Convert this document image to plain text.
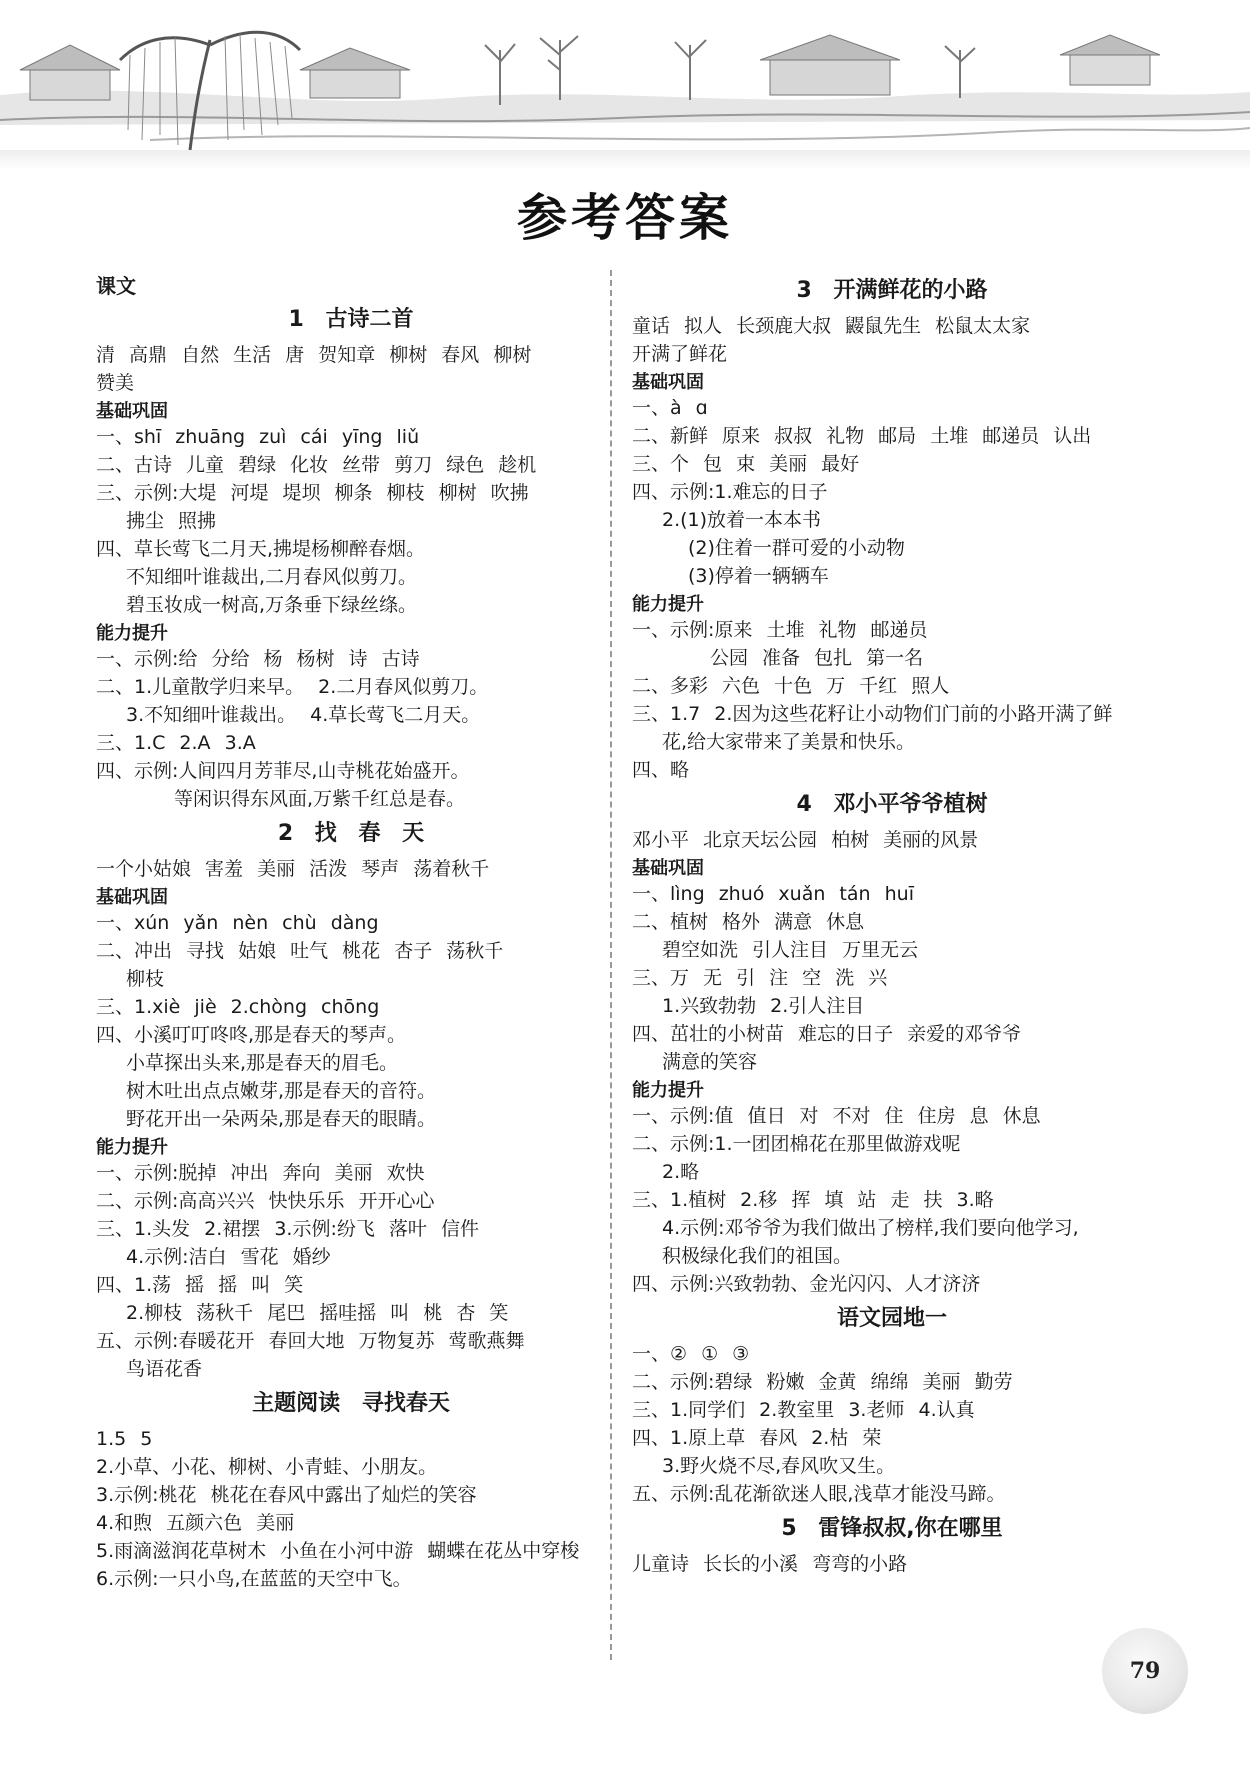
参考答案
课文
1 古诗二首
清 高鼎 自然 生活 唐 贺知章 柳树 春风 柳树
赞美
基础巩固
一、shī zhuāng zuì cái yīng liǔ
二、古诗 儿童 碧绿 化妆 丝带 剪刀 绿色 趁机
三、示例:大堤 河堤 堤坝 柳条 柳枝 柳树 吹拂
拂尘 照拂
四、草长莺飞二月天,拂堤杨柳醉春烟。
不知细叶谁裁出,二月春风似剪刀。
碧玉妆成一树高,万条垂下绿丝绦。
能力提升
一、示例:给 分给 杨 杨树 诗 古诗
二、1.儿童散学归来早。 2.二月春风似剪刀。
3.不知细叶谁裁出。 4.草长莺飞二月天。
三、1.C 2.A 3.A
四、示例:人间四月芳菲尽,山寺桃花始盛开。
等闲识得东风面,万紫千红总是春。
2 找 春 天
一个小姑娘 害羞 美丽 活泼 琴声 荡着秋千
基础巩固
一、xún yǎn nèn chù dàng
二、冲出 寻找 姑娘 吐气 桃花 杏子 荡秋千
柳枝
三、1.xiè jiè 2.chòng chōng
四、小溪叮叮咚咚,那是春天的琴声。
小草探出头来,那是春天的眉毛。
树木吐出点点嫩芽,那是春天的音符。
野花开出一朵两朵,那是春天的眼睛。
能力提升
一、示例:脱掉 冲出 奔向 美丽 欢快
二、示例:高高兴兴 快快乐乐 开开心心
三、1.头发 2.裙摆 3.示例:纷飞 落叶 信件
4.示例:洁白 雪花 婚纱
四、1.荡 摇 摇 叫 笑
2.柳枝 荡秋千 尾巴 摇哇摇 叫 桃 杏 笑
五、示例:春暖花开 春回大地 万物复苏 莺歌燕舞
鸟语花香
主题阅读 寻找春天
1.5 5
2.小草、小花、柳树、小青蛙、小朋友。
3.示例:桃花 桃花在春风中露出了灿烂的笑容
4.和煦 五颜六色 美丽
5.雨滴滋润花草树木 小鱼在小河中游 蝴蝶在花丛中穿梭
6.示例:一只小鸟,在蓝蓝的天空中飞。
3 开满鲜花的小路
童话 拟人 长颈鹿大叔 鼹鼠先生 松鼠太太家
开满了鲜花
基础巩固
一、à ɑ
二、新鲜 原来 叔叔 礼物 邮局 土堆 邮递员 认出
三、个 包 束 美丽 最好
四、示例:1.难忘的日子
2.(1)放着一本本书
(2)住着一群可爱的小动物
(3)停着一辆辆车
能力提升
一、示例:原来 土堆 礼物 邮递员
公园 准备 包扎 第一名
二、多彩 六色 十色 万 千红 照人
三、1.7 2.因为这些花籽让小动物们门前的小路开满了鲜
花,给大家带来了美景和快乐。
四、略
4 邓小平爷爷植树
邓小平 北京天坛公园 柏树 美丽的风景
基础巩固
一、lìng zhuó xuǎn tán huī
二、植树 格外 满意 休息
碧空如洗 引人注目 万里无云
三、万 无 引 注 空 洗 兴
1.兴致勃勃 2.引人注目
四、茁壮的小树苗 难忘的日子 亲爱的邓爷爷
满意的笑容
能力提升
一、示例:值 值日 对 不对 住 住房 息 休息
二、示例:1.一团团棉花在那里做游戏呢
2.略
三、1.植树 2.移 挥 填 站 走 扶 3.略
4.示例:邓爷爷为我们做出了榜样,我们要向他学习,
积极绿化我们的祖国。
四、示例:兴致勃勃、金光闪闪、人才济济
语文园地一
一、② ① ③
二、示例:碧绿 粉嫩 金黄 绵绵 美丽 勤劳
三、1.同学们 2.教室里 3.老师 4.认真
四、1.原上草 春风 2.枯 荣
3.野火烧不尽,春风吹又生。
五、示例:乱花渐欲迷人眼,浅草才能没马蹄。
5 雷锋叔叔,你在哪里
儿童诗 长长的小溪 弯弯的小路
79
